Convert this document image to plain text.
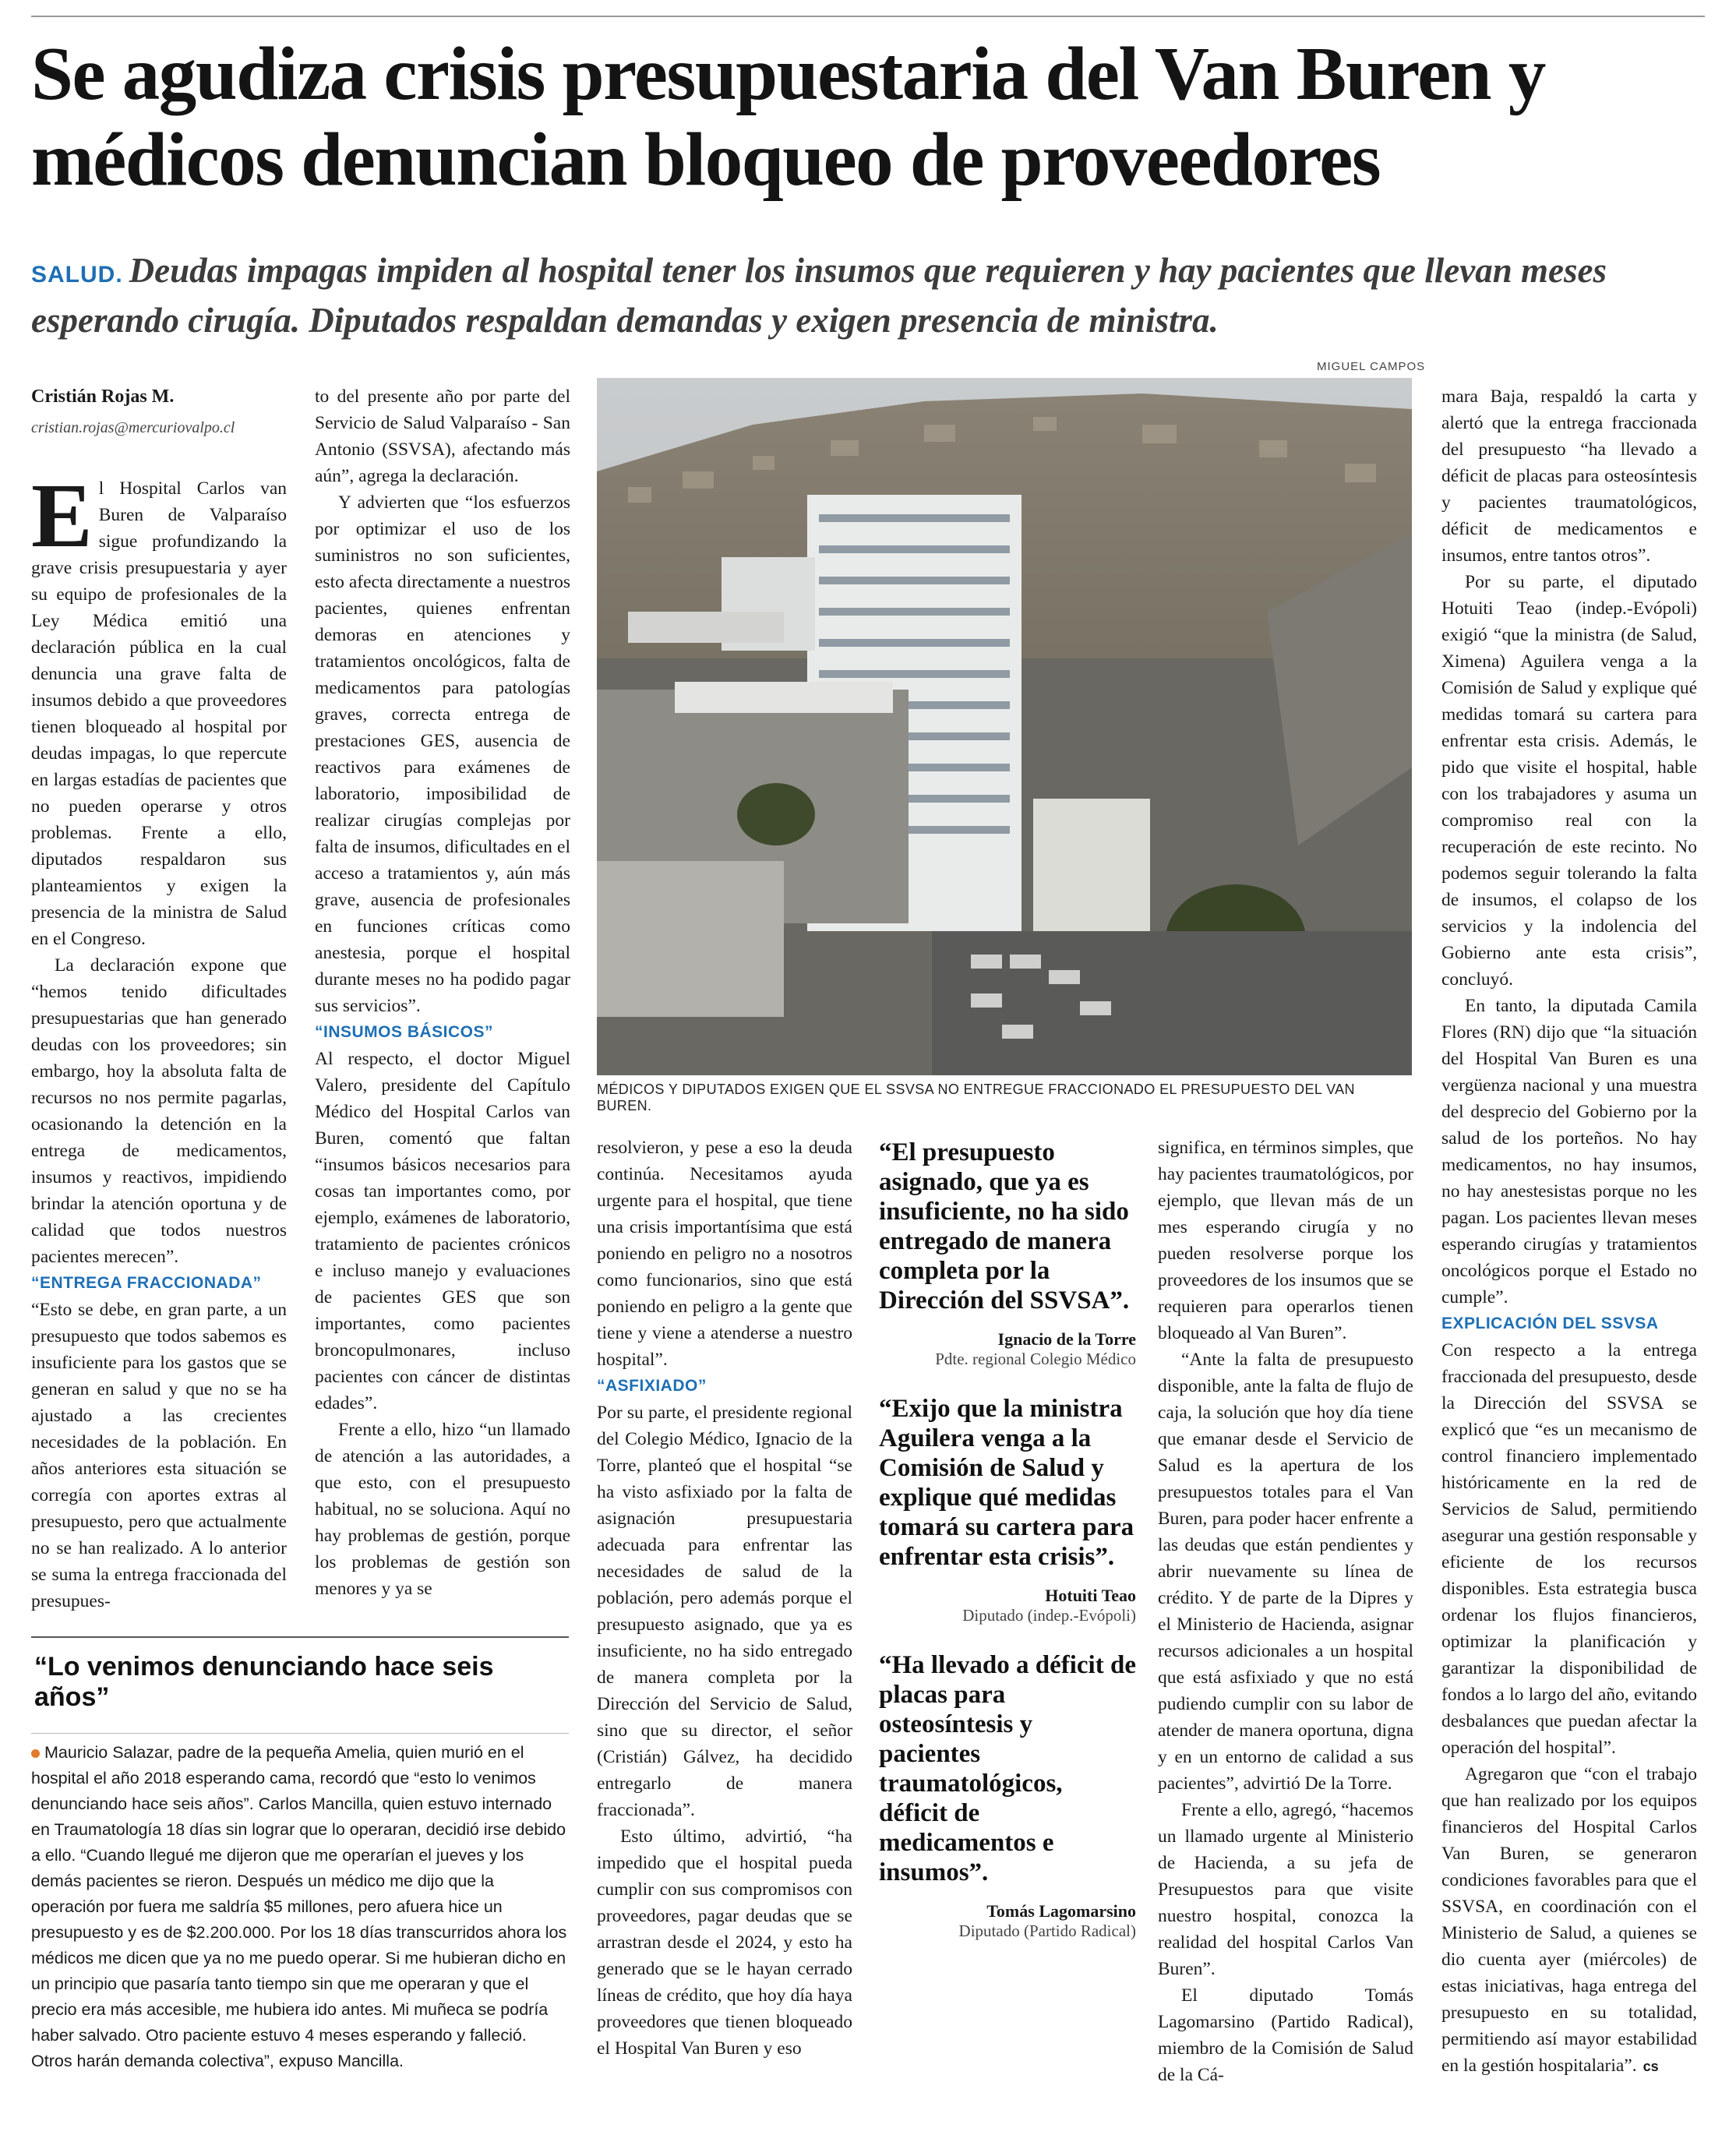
Se agudiza crisis presupuestaria del Van Buren y médicos denuncian bloqueo de proveedores

SALUD. Deudas impagas impiden al hospital tener los insumos que requieren y hay pacientes que llevan meses esperando cirugía. Diputados respaldan demandas y exigen presencia de ministra.

Cristián Rojas M.
cristian.rojas@mercuriovalpo.cl

El Hospital Carlos van Buren de Valparaíso sigue profundizando la grave crisis presupuestaria y ayer su equipo de profesionales de la Ley Médica emitió una declaración pública en la cual denuncia una grave falta de insumos debido a que proveedores tienen bloqueado al hospital por deudas impagas, lo que repercute en largas estadías de pacientes que no pueden operarse y otros problemas. Frente a ello, diputados respaldaron sus planteamientos y exigen la presencia de la ministra de Salud en el Congreso.

La declaración expone que “hemos tenido dificultades presupuestarias que han generado deudas con los proveedores; sin embargo, hoy la absoluta falta de recursos no nos permite pagarlas, ocasionando la detención en la entrega de medicamentos, insumos y reactivos, impidiendo brindar la atención oportuna y de calidad que todos nuestros pacientes merecen”.

“ENTREGA FRACCIONADA”

“Esto se debe, en gran parte, a un presupuesto que todos sabemos es insuficiente para los gastos que se generan en salud y que no se ha ajustado a las crecientes necesidades de la población. En años anteriores esta situación se corregía con aportes extras al presupuesto, pero que actualmente no se han realizado. A lo anterior se suma la entrega fraccionada del presupues-

to del presente año por parte del Servicio de Salud Valparaíso - San Antonio (SSVSA), afectando más aún”, agrega la declaración.

Y advierten que “los esfuerzos por optimizar el uso de los suministros no son suficientes, esto afecta directamente a nuestros pacientes, quienes enfrentan demoras en atenciones y tratamientos oncológicos, falta de medicamentos para patologías graves, correcta entrega de prestaciones GES, ausencia de reactivos para exámenes de laboratorio, imposibilidad de realizar cirugías complejas por falta de insumos, dificultades en el acceso a tratamientos y, aún más grave, ausencia de profesionales en funciones críticas como anestesia, porque el hospital durante meses no ha podido pagar sus servicios”.

“INSUMOS BÁSICOS”

Al respecto, el doctor Miguel Valero, presidente del Capítulo Médico del Hospital Carlos van Buren, comentó que faltan “insumos básicos necesarios para cosas tan importantes como, por ejemplo, exámenes de laboratorio, tratamiento de pacientes crónicos e incluso manejo y evaluaciones de pacientes GES que son importantes, como pacientes broncopulmonares, incluso pacientes con cáncer de distintas edades”.

Frente a ello, hizo “un llamado de atención a las autoridades, a que esto, con el presupuesto habitual, no se soluciona. Aquí no hay problemas de gestión, porque los problemas de gestión son menores y ya se

MIGUEL CAMPOS
MÉDICOS Y DIPUTADOS EXIGEN QUE EL SSVSA NO ENTREGUE FRACCIONADO EL PRESUPUESTO DEL VAN BUREN.

resolvieron, y pese a eso la deuda continúa. Necesitamos ayuda urgente para el hospital, que tiene una crisis importantísima que está poniendo en peligro no a nosotros como funcionarios, sino que está poniendo en peligro a la gente que tiene y viene a atenderse a nuestro hospital”.

“ASFIXIADO”

Por su parte, el presidente regional del Colegio Médico, Ignacio de la Torre, planteó que el hospital “se ha visto asfixiado por la falta de asignación presupuestaria adecuada para enfrentar las necesidades de salud de la población, pero además porque el presupuesto asignado, que ya es insuficiente, no ha sido entregado de manera completa por la Dirección del Servicio de Salud, sino que su director, el señor (Cristián) Gálvez, ha decidido entregarlo de manera fraccionada”.

Esto último, advirtió, “ha impedido que el hospital pueda cumplir con sus compromisos con proveedores, pagar deudas que se arrastran desde el 2024, y esto ha generado que se le hayan cerrado líneas de crédito, que hoy día haya proveedores que tienen bloqueado el Hospital Van Buren y eso

“El presupuesto asignado, que ya es insuficiente, no ha sido entregado de manera completa por la Dirección del SSVSA”.

Ignacio de la Torre
Pdte. regional Colegio Médico

“Exijo que la ministra Aguilera venga a la Comisión de Salud y explique qué medidas tomará su cartera para enfrentar esta crisis”.

Hotuiti Teao
Diputado (indep.-Evópoli)

“Ha llevado a déficit de placas para osteosíntesis y pacientes traumatológicos, déficit de medicamentos e insumos”.

Tomás Lagomarsino
Diputado (Partido Radical)

significa, en términos simples, que hay pacientes traumatológicos, por ejemplo, que llevan más de un mes esperando cirugía y no pueden resolverse porque los proveedores de los insumos que se requieren para operarlos tienen bloqueado al Van Buren”.

“Ante la falta de presupuesto disponible, ante la falta de flujo de caja, la solución que hoy día tiene que emanar desde el Servicio de Salud es la apertura de los presupuestos totales para el Van Buren, para poder hacer enfrente a las deudas que están pendientes y abrir nuevamente su línea de crédito. Y de parte de la Dipres y el Ministerio de Hacienda, asignar recursos adicionales a un hospital que está asfixiado y que no está pudiendo cumplir con su labor de atender de manera oportuna, digna y en un entorno de calidad a sus pacientes”, advirtió De la Torre.

Frente a ello, agregó, “hacemos un llamado urgente al Ministerio de Hacienda, a su jefa de Presupuestos para que visite nuestro hospital, conozca la realidad del hospital Carlos Van Buren”.

El diputado Tomás Lagomarsino (Partido Radical), miembro de la Comisión de Salud de la Cá-

mara Baja, respaldó la carta y alertó que la entrega fraccionada del presupuesto “ha llevado a déficit de placas para osteosíntesis y pacientes traumatológicos, déficit de medicamentos e insumos, entre tantos otros”.

Por su parte, el diputado Hotuiti Teao (indep.-Evópoli) exigió “que la ministra (de Salud, Ximena) Aguilera venga a la Comisión de Salud y explique qué medidas tomará su cartera para enfrentar esta crisis. Además, le pido que visite el hospital, hable con los trabajadores y asuma un compromiso real con la recuperación de este recinto. No podemos seguir tolerando la falta de insumos, el colapso de los servicios y la indolencia del Gobierno ante esta crisis”, concluyó.

En tanto, la diputada Camila Flores (RN) dijo que “la situación del Hospital Van Buren es una vergüenza nacional y una muestra del desprecio del Gobierno por la salud de los porteños. No hay medicamentos, no hay insumos, no hay anestesistas porque no les pagan. Los pacientes llevan meses esperando cirugías y tratamientos oncológicos porque el Estado no cumple”.

EXPLICACIÓN DEL SSVSA

Con respecto a la entrega fraccionada del presupuesto, desde la Dirección del SSVSA se explicó que “es un mecanismo de control financiero implementado históricamente en la red de Servicios de Salud, permitiendo asegurar una gestión responsable y eficiente de los recursos disponibles. Esta estrategia busca ordenar los flujos financieros, optimizar la planificación y garantizar la disponibilidad de fondos a lo largo del año, evitando desbalances que puedan afectar la operación del hospital”.

Agregaron que “con el trabajo que han realizado por los equipos financieros del Hospital Carlos Van Buren, se generaron condiciones favorables para que el SSVSA, en coordinación con el Ministerio de Salud, a quienes se dio cuenta ayer (miércoles) de estas iniciativas, haga entrega del presupuesto en su totalidad, permitiendo así mayor estabilidad en la gestión hospitalaria”. cs

“Lo venimos denunciando hace seis años”

Mauricio Salazar, padre de la pequeña Amelia, quien murió en el hospital el año 2018 esperando cama, recordó que “esto lo venimos denunciando hace seis años”. Carlos Mancilla, quien estuvo internado en Traumatología 18 días sin lograr que lo operaran, decidió irse debido a ello. “Cuando llegué me dijeron que me operarían el jueves y los demás pacientes se rieron. Después un médico me dijo que la operación por fuera me saldría $5 millones, pero afuera hice un presupuesto y es de $2.200.000. Por los 18 días transcurridos ahora los médicos me dicen que ya no me puedo operar. Si me hubieran dicho en un principio que pasaría tanto tiempo sin que me operaran y que el precio era más accesible, me hubiera ido antes. Mi muñeca se podría haber salvado. Otro paciente estuvo 4 meses esperando y falleció. Otros harán demanda colectiva”, expuso Mancilla.
